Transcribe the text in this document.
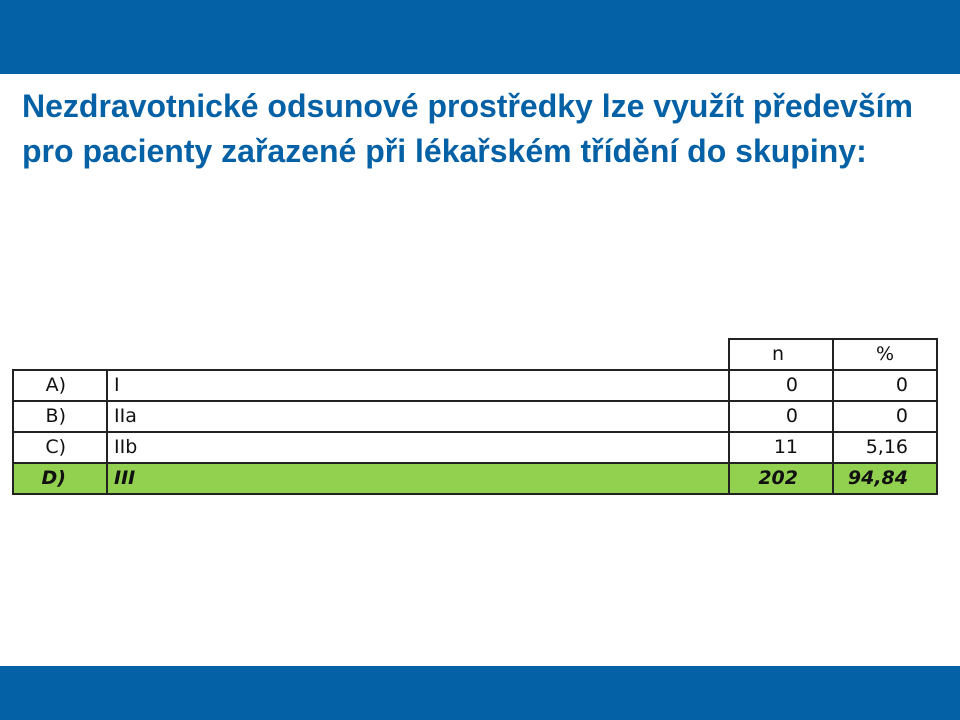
Nezdravotnické odsunové prostředky lze využít především pro pacienty zařazené při lékařském třídění do skupiny:
		n	%
A)	I	0	0
B)	IIa	0	0
C)	IIb	11	5,16
D)	III	202	94,84
